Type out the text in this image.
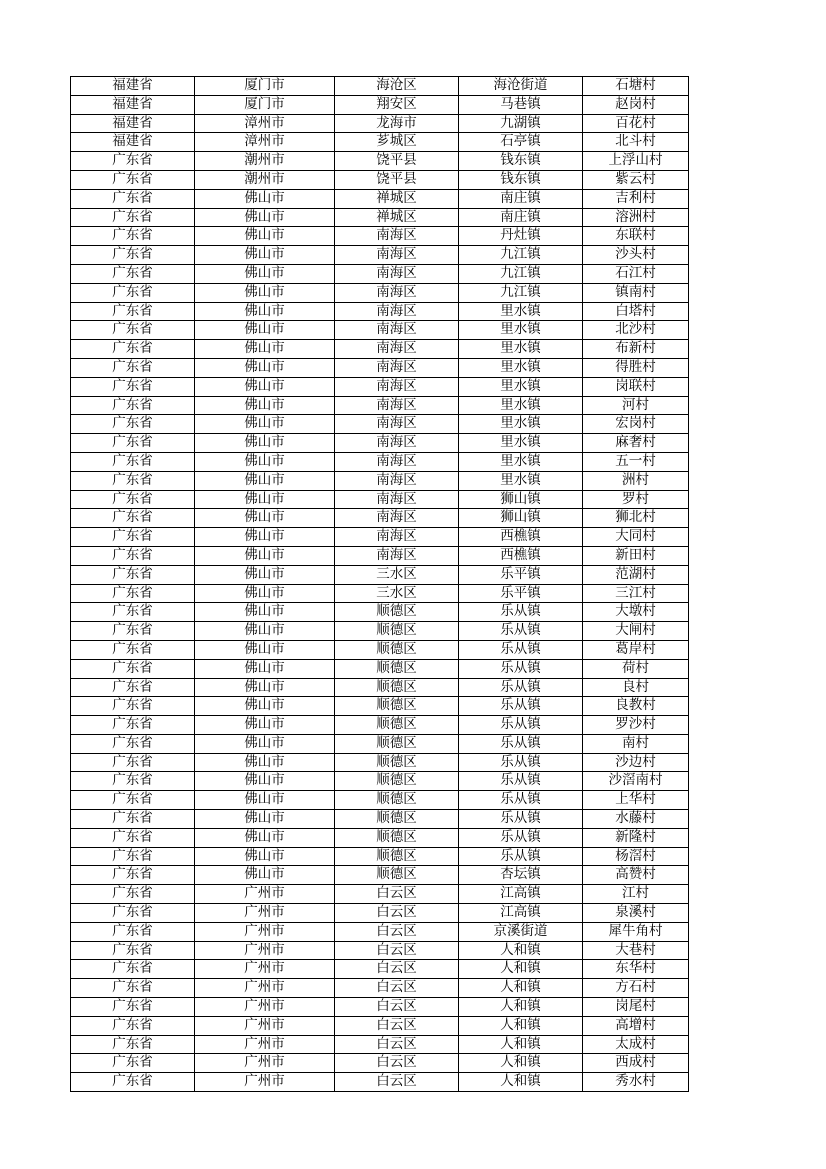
福建省	厦门市	海沧区	海沧街道	石塘村
福建省	厦门市	翔安区	马巷镇	赵岗村
福建省	漳州市	龙海市	九湖镇	百花村
福建省	漳州市	芗城区	石亭镇	北斗村
广东省	潮州市	饶平县	钱东镇	上浮山村
广东省	潮州市	饶平县	钱东镇	紫云村
广东省	佛山市	禅城区	南庄镇	吉利村
广东省	佛山市	禅城区	南庄镇	溶洲村
广东省	佛山市	南海区	丹灶镇	东联村
广东省	佛山市	南海区	九江镇	沙头村
广东省	佛山市	南海区	九江镇	石江村
广东省	佛山市	南海区	九江镇	镇南村
广东省	佛山市	南海区	里水镇	白塔村
广东省	佛山市	南海区	里水镇	北沙村
广东省	佛山市	南海区	里水镇	布新村
广东省	佛山市	南海区	里水镇	得胜村
广东省	佛山市	南海区	里水镇	岗联村
广东省	佛山市	南海区	里水镇	河村
广东省	佛山市	南海区	里水镇	宏岗村
广东省	佛山市	南海区	里水镇	麻奢村
广东省	佛山市	南海区	里水镇	五一村
广东省	佛山市	南海区	里水镇	洲村
广东省	佛山市	南海区	狮山镇	罗村
广东省	佛山市	南海区	狮山镇	狮北村
广东省	佛山市	南海区	西樵镇	大同村
广东省	佛山市	南海区	西樵镇	新田村
广东省	佛山市	三水区	乐平镇	范湖村
广东省	佛山市	三水区	乐平镇	三江村
广东省	佛山市	顺德区	乐从镇	大墩村
广东省	佛山市	顺德区	乐从镇	大闸村
广东省	佛山市	顺德区	乐从镇	葛岸村
广东省	佛山市	顺德区	乐从镇	荷村
广东省	佛山市	顺德区	乐从镇	良村
广东省	佛山市	顺德区	乐从镇	良教村
广东省	佛山市	顺德区	乐从镇	罗沙村
广东省	佛山市	顺德区	乐从镇	南村
广东省	佛山市	顺德区	乐从镇	沙边村
广东省	佛山市	顺德区	乐从镇	沙滘南村
广东省	佛山市	顺德区	乐从镇	上华村
广东省	佛山市	顺德区	乐从镇	水藤村
广东省	佛山市	顺德区	乐从镇	新隆村
广东省	佛山市	顺德区	乐从镇	杨滘村
广东省	佛山市	顺德区	杏坛镇	高赞村
广东省	广州市	白云区	江高镇	江村
广东省	广州市	白云区	江高镇	泉溪村
广东省	广州市	白云区	京溪街道	犀牛角村
广东省	广州市	白云区	人和镇	大巷村
广东省	广州市	白云区	人和镇	东华村
广东省	广州市	白云区	人和镇	方石村
广东省	广州市	白云区	人和镇	岗尾村
广东省	广州市	白云区	人和镇	高增村
广东省	广州市	白云区	人和镇	太成村
广东省	广州市	白云区	人和镇	西成村
广东省	广州市	白云区	人和镇	秀水村
